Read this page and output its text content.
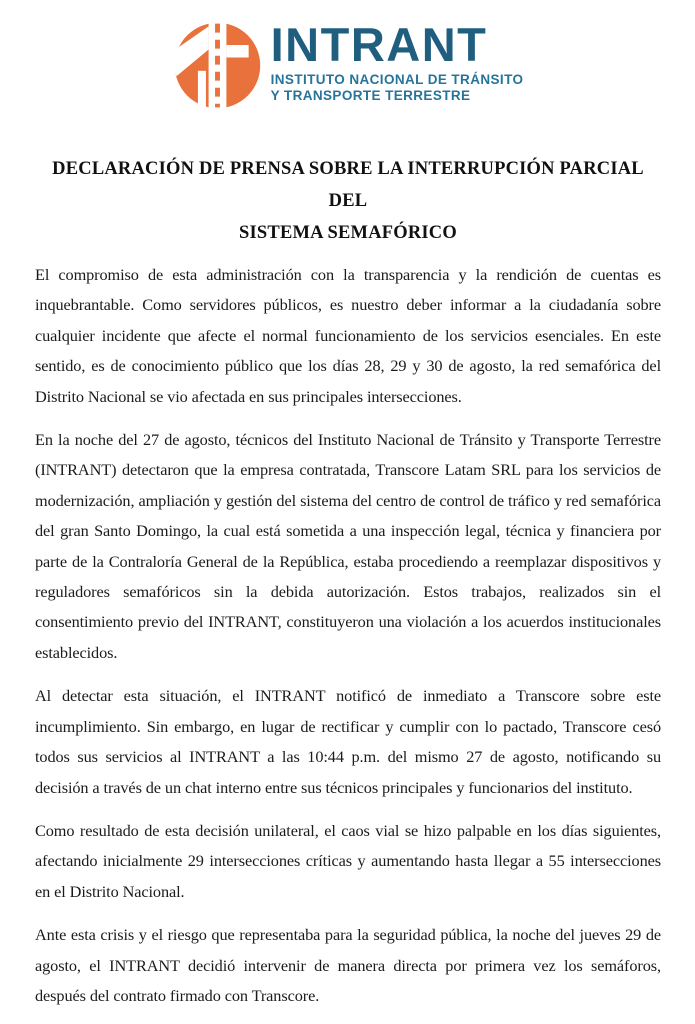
INTRANT
INSTITUTO NACIONAL DE TRÁNSITO
Y TRANSPORTE TERRESTRE
DECLARACIÓN DE PRENSA SOBRE LA INTERRUPCIÓN PARCIAL DEL
SISTEMA SEMAFÓRICO

El compromiso de esta administración con la transparencia y la rendición de cuentas es inquebrantable. Como servidores públicos, es nuestro deber informar a la ciudadanía sobre cualquier incidente que afecte el normal funcionamiento de los servicios esenciales. En este sentido, es de conocimiento público que los días 28, 29 y 30 de agosto, la red semafórica del Distrito Nacional se vio afectada en sus principales intersecciones.

En la noche del 27 de agosto, técnicos del Instituto Nacional de Tránsito y Transporte Terrestre (INTRANT) detectaron que la empresa contratada, Transcore Latam SRL para los servicios de modernización, ampliación y gestión del sistema del centro de control de tráfico y red semafórica del gran Santo Domingo, la cual está sometida a una inspección legal, técnica y financiera por parte de la Contraloría General de la República, estaba procediendo a reemplazar dispositivos y reguladores semafóricos sin la debida autorización. Estos trabajos, realizados sin el consentimiento previo del INTRANT, constituyeron una violación a los acuerdos institucionales establecidos.

Al detectar esta situación, el INTRANT notificó de inmediato a Transcore sobre este incumplimiento. Sin embargo, en lugar de rectificar y cumplir con lo pactado, Transcore cesó todos sus servicios al INTRANT a las 10:44 p.m. del mismo 27 de agosto, notificando su decisión a través de un chat interno entre sus técnicos principales y funcionarios del instituto.

Como resultado de esta decisión unilateral, el caos vial se hizo palpable en los días siguientes, afectando inicialmente 29 intersecciones críticas y aumentando hasta llegar a 55 intersecciones en el Distrito Nacional.

Ante esta crisis y el riesgo que representaba para la seguridad pública, la noche del jueves 29 de agosto, el INTRANT decidió intervenir de manera directa por primera vez los semáforos, después del contrato firmado con Transcore.
